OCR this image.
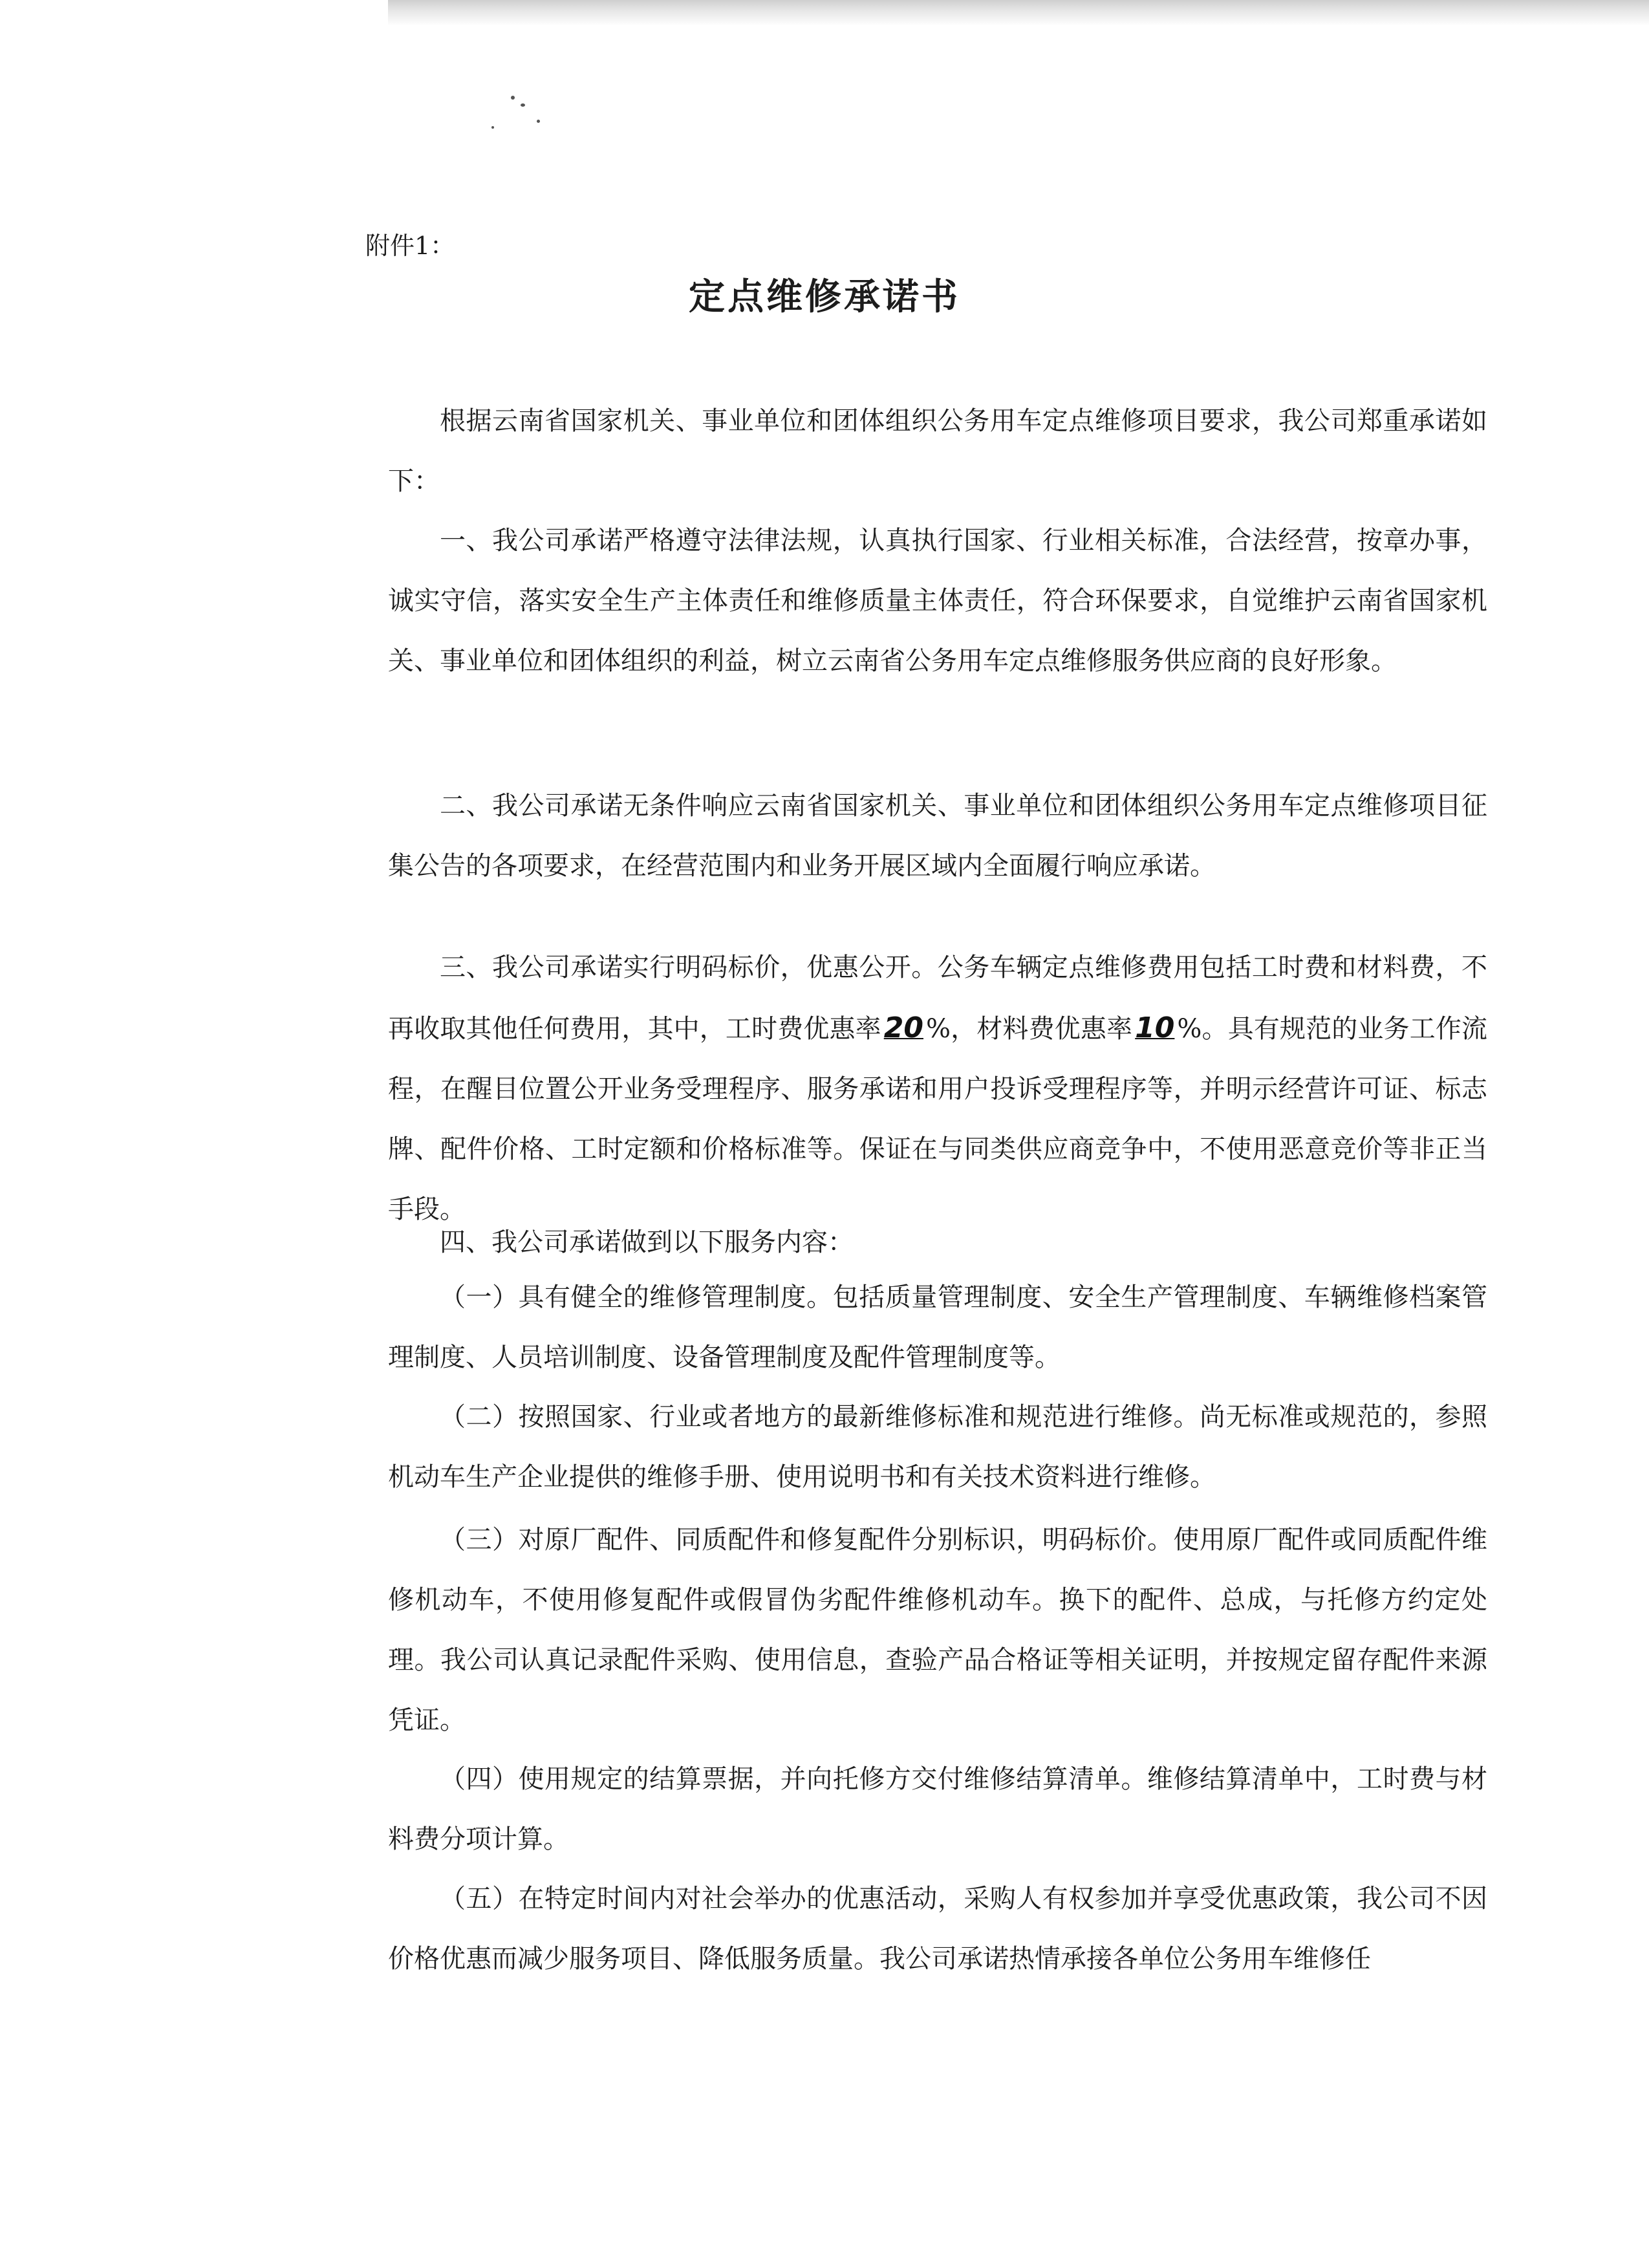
附件1：
定点维修承诺书

根据云南省国家机关、事业单位和团体组织公务用车定点维修项目要求，我公司郑重承诺如下：

一、我公司承诺严格遵守法律法规，认真执行国家、行业相关标准，合法经营，按章办事，诚实守信，落实安全生产主体责任和维修质量主体责任，符合环保要求，自觉维护云南省国家机关、事业单位和团体组织的利益，树立云南省公务用车定点维修服务供应商的良好形象。

二、我公司承诺无条件响应云南省国家机关、事业单位和团体组织公务用车定点维修项目征集公告的各项要求，在经营范围内和业务开展区域内全面履行响应承诺。

三、我公司承诺实行明码标价，优惠公开。公务车辆定点维修费用包括工时费和材料费，不再收取其他任何费用，其中，工时费优惠率20 %，材料费优惠率10 %。具有规范的业务工作流程，在醒目位置公开业务受理程序、服务承诺和用户投诉受理程序等，并明示经营许可证、标志牌、配件价格、工时定额和价格标准等。保证在与同类供应商竞争中，不使用恶意竞价等非正当手段。

四、我公司承诺做到以下服务内容：

（一）具有健全的维修管理制度。包括质量管理制度、安全生产管理制度、车辆维修档案管理制度、人员培训制度、设备管理制度及配件管理制度等。

（二）按照国家、行业或者地方的最新维修标准和规范进行维修。尚无标准或规范的，参照机动车生产企业提供的维修手册、使用说明书和有关技术资料进行维修。

（三）对原厂配件、同质配件和修复配件分别标识，明码标价。使用原厂配件或同质配件维修机动车，不使用修复配件或假冒伪劣配件维修机动车。换下的配件、总成，与托修方约定处理。我公司认真记录配件采购、使用信息，查验产品合格证等相关证明，并按规定留存配件来源凭证。

（四）使用规定的结算票据，并向托修方交付维修结算清单。维修结算清单中，工时费与材料费分项计算。

（五）在特定时间内对社会举办的优惠活动，采购人有权参加并享受优惠政策，我公司不因价格优惠而减少服务项目、降低服务质量。我公司承诺热情承接各单位公务用车维修任
